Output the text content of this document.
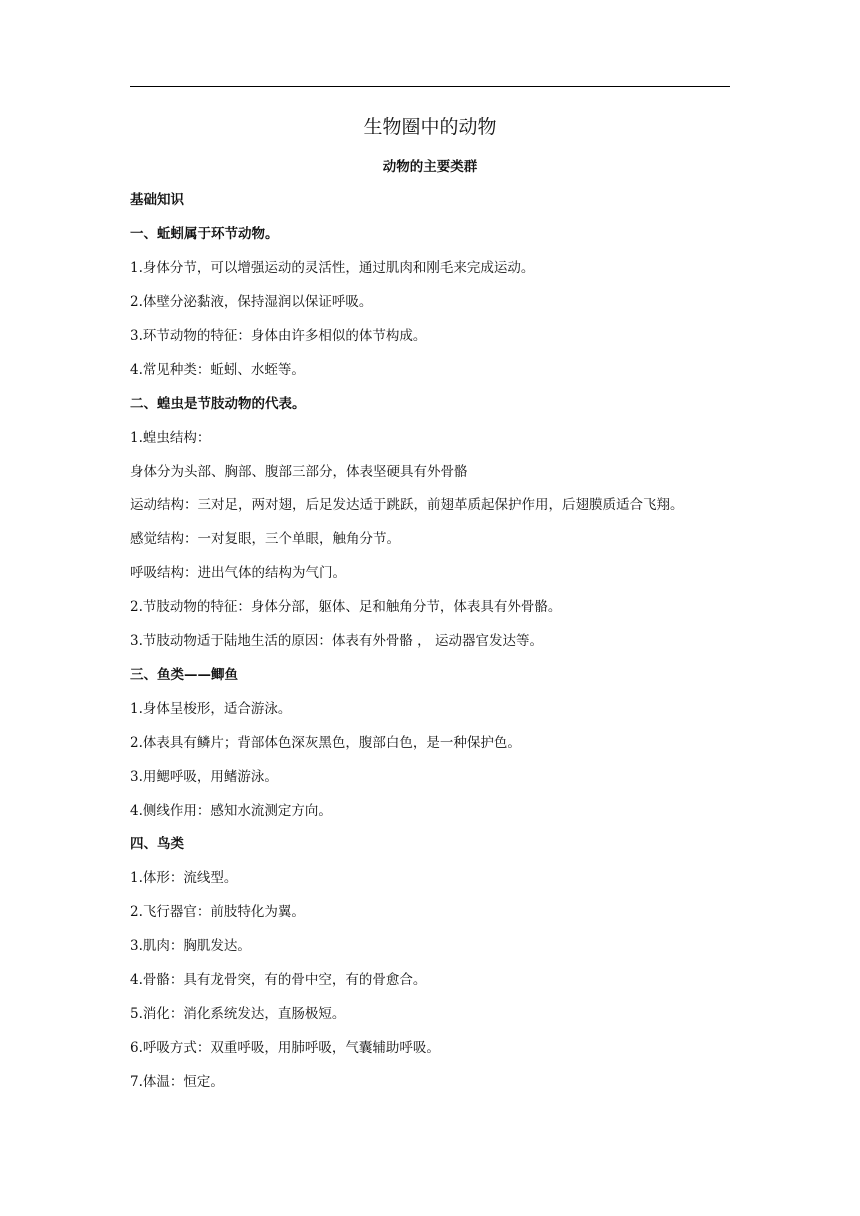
生物圈中的动物
动物的主要类群
基础知识
一、蚯蚓属于环节动物。
1.身体分节，可以增强运动的灵活性，通过肌肉和刚毛来完成运动。
2.体壁分泌黏液，保持湿润以保证呼吸。
3.环节动物的特征：身体由许多相似的体节构成。
4.常见种类：蚯蚓、水蛭等。
二、蝗虫是节肢动物的代表。
1.蝗虫结构：
身体分为头部、胸部、腹部三部分，体表坚硬具有外骨骼
运动结构：三对足，两对翅，后足发达适于跳跃，前翅革质起保护作用，后翅膜质适合飞翔。
感觉结构：一对复眼，三个单眼，触角分节。
呼吸结构：进出气体的结构为气门。
2.节肢动物的特征：身体分部，躯体、足和触角分节，体表具有外骨骼。
3.节肢动物适于陆地生活的原因：体表有外骨骼 ， 运动器官发达等。
三、鱼类——鲫鱼
1.身体呈梭形，适合游泳。
2.体表具有鳞片；背部体色深灰黑色，腹部白色，是一种保护色。
3.用鳃呼吸，用鳍游泳。
4.侧线作用：感知水流测定方向。
四、鸟类
1.体形：流线型。
2.飞行器官：前肢特化为翼。
3.肌肉：胸肌发达。
4.骨骼：具有龙骨突，有的骨中空，有的骨愈合。
5.消化：消化系统发达，直肠极短。
6.呼吸方式：双重呼吸，用肺呼吸，气囊辅助呼吸。
7.体温：恒定。
